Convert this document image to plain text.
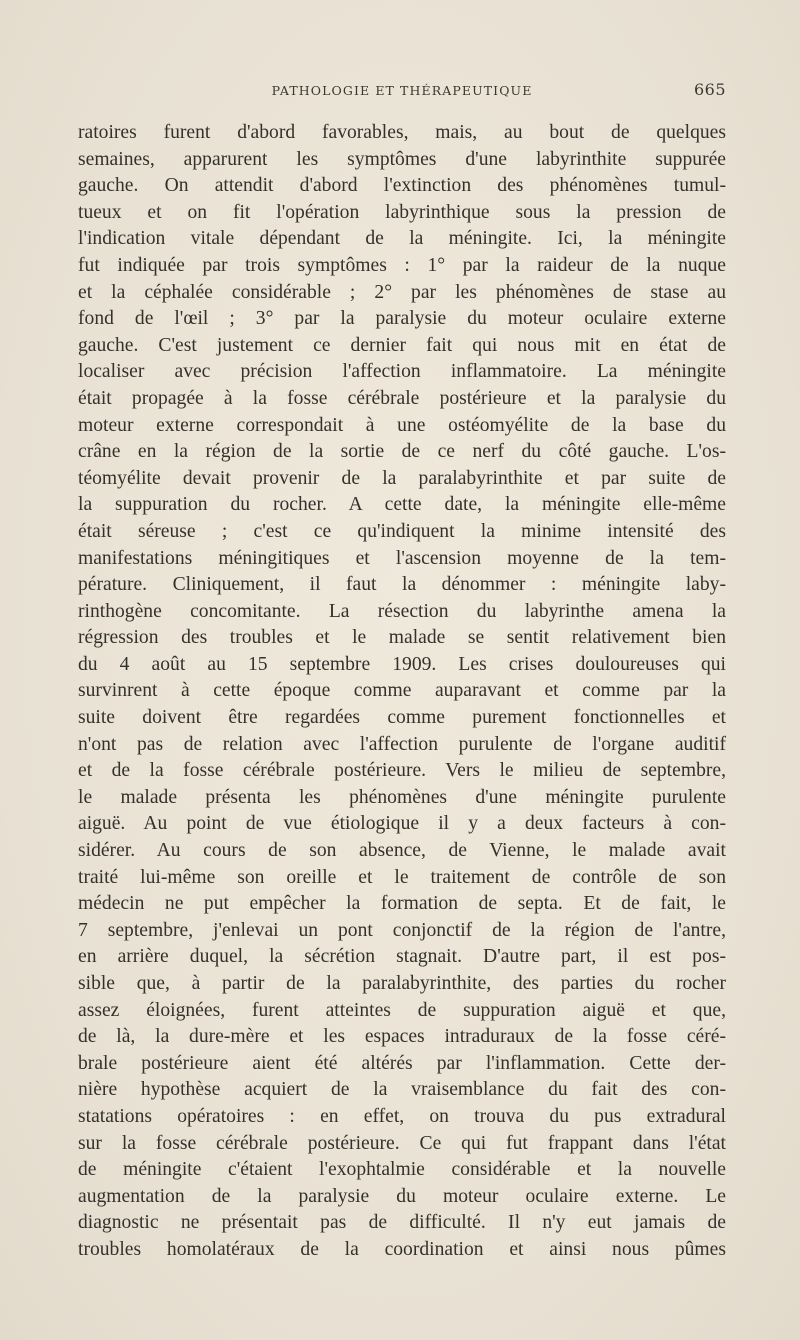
PATHOLOGIE ET THÉRAPEUTIQUE	665
ratoires furent d'abord favorables, mais, au bout de quelques
semaines, apparurent les symptômes d'une labyrinthite suppurée
gauche. On attendit d'abord l'extinction des phénomènes tumul-
tueux et on fit l'opération labyrinthique sous la pression de
l'indication vitale dépendant de la méningite. Ici, la méningite
fut indiquée par trois symptômes : 1° par la raideur de la nuque
et la céphalée considérable ; 2° par les phénomènes de stase au
fond de l'œil ; 3° par la paralysie du moteur oculaire externe
gauche. C'est justement ce dernier fait qui nous mit en état de
localiser avec précision l'affection inflammatoire. La méningite
était propagée à la fosse cérébrale postérieure et la paralysie du
moteur externe correspondait à une ostéomyélite de la base du
crâne en la région de la sortie de ce nerf du côté gauche. L'os-
téomyélite devait provenir de la paralabyrinthite et par suite de
la suppuration du rocher. A cette date, la méningite elle-même
était séreuse ; c'est ce qu'indiquent la minime intensité des
manifestations méningitiques et l'ascension moyenne de la tem-
pérature. Cliniquement, il faut la dénommer : méningite laby-
rinthogène concomitante. La résection du labyrinthe amena la
régression des troubles et le malade se sentit relativement bien
du 4 août au 15 septembre 1909. Les crises douloureuses qui
survinrent à cette époque comme auparavant et comme par la
suite doivent être regardées comme purement fonctionnelles et
n'ont pas de relation avec l'affection purulente de l'organe auditif
et de la fosse cérébrale postérieure. Vers le milieu de septembre,
le malade présenta les phénomènes d'une méningite purulente
aiguë. Au point de vue étiologique il y a deux facteurs à con-
sidérer. Au cours de son absence, de Vienne, le malade avait
traité lui-même son oreille et le traitement de contrôle de son
médecin ne put empêcher la formation de septa. Et de fait, le
7 septembre, j'enlevai un pont conjonctif de la région de l'antre,
en arrière duquel, la sécrétion stagnait. D'autre part, il est pos-
sible que, à partir de la paralabyrinthite, des parties du rocher
assez éloignées, furent atteintes de suppuration aiguë et que,
de là, la dure-mère et les espaces intraduraux de la fosse céré-
brale postérieure aient été altérés par l'inflammation. Cette der-
nière hypothèse acquiert de la vraisemblance du fait des con-
statations opératoires : en effet, on trouva du pus extradural
sur la fosse cérébrale postérieure. Ce qui fut frappant dans l'état
de méningite c'étaient l'exophtalmie considérable et la nouvelle
augmentation de la paralysie du moteur oculaire externe. Le
diagnostic ne présentait pas de difficulté. Il n'y eut jamais de
troubles homolatéraux de la coordination et ainsi nous pûmes
